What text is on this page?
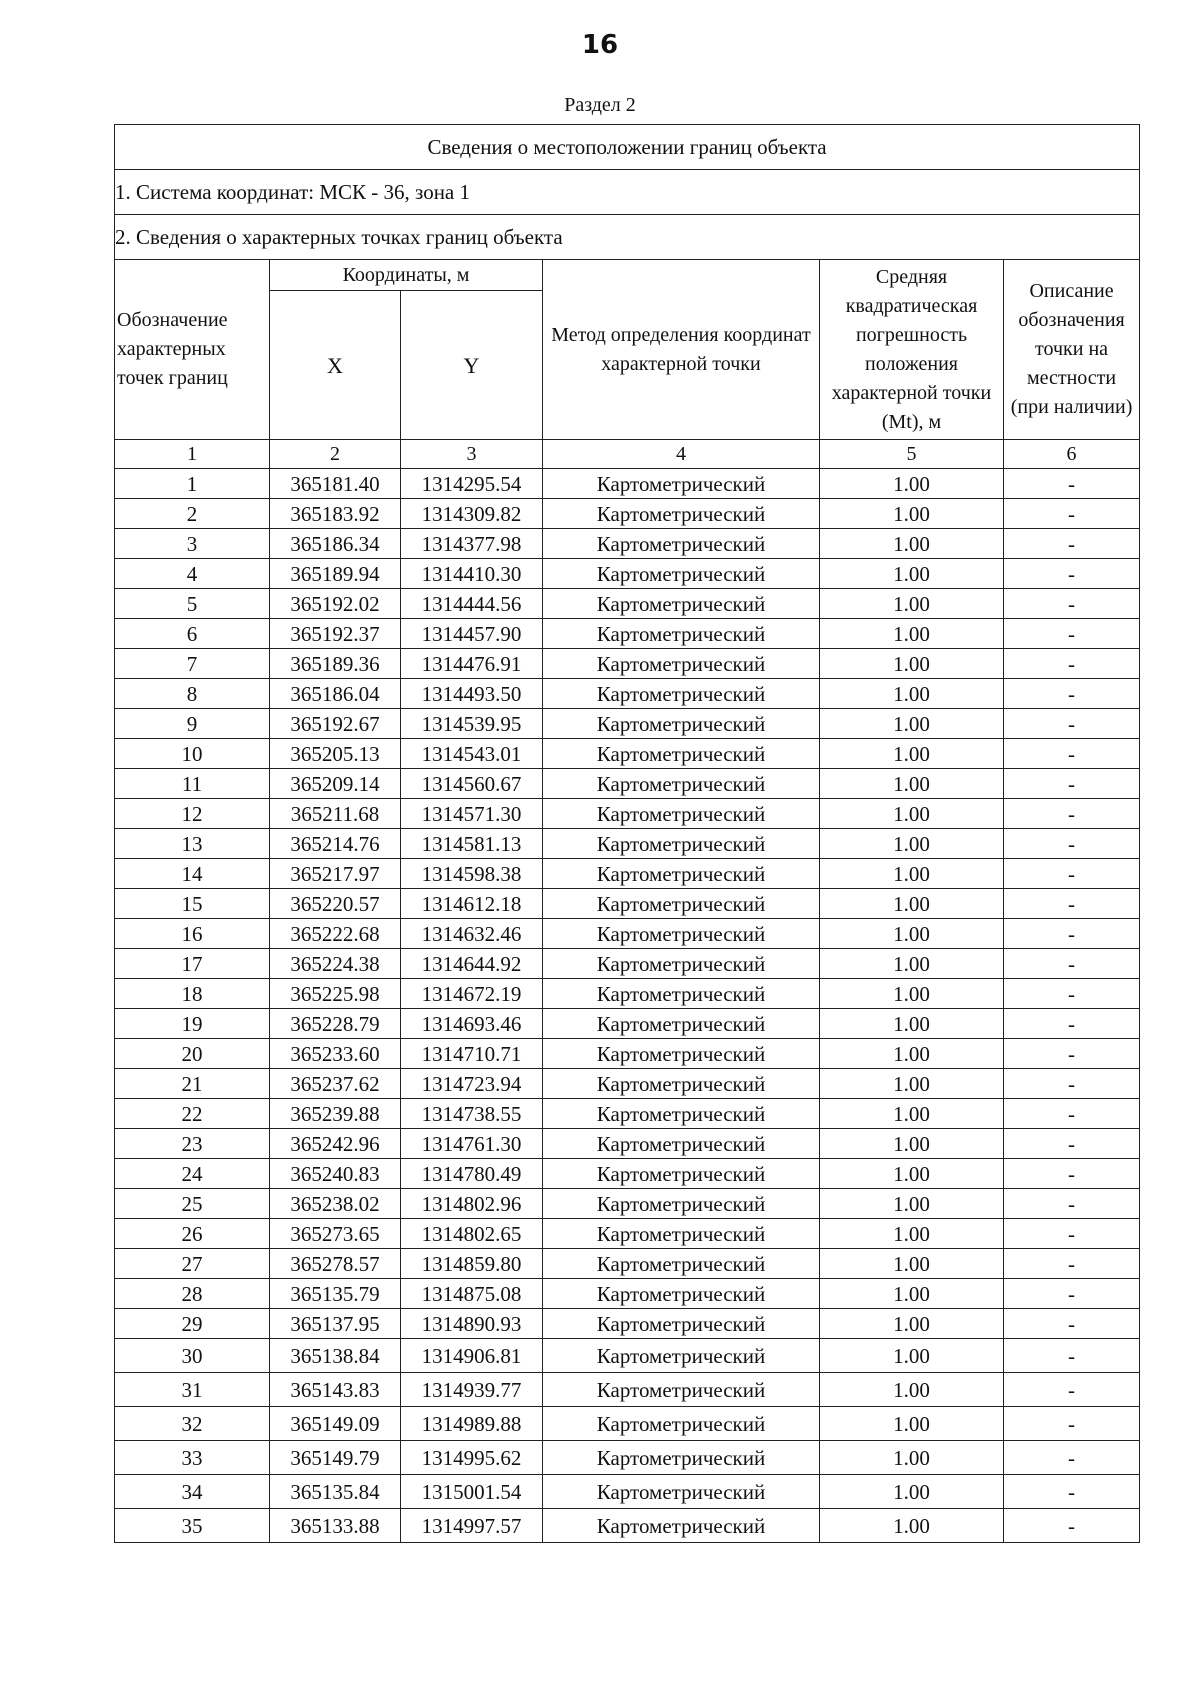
16
Раздел 2
Сведения о местоположении границ объекта					
1. Система координат: МСК - 36, зона 1					
2. Сведения о характерных точках границ объекта					
Обозначение характерных точек границ	Координаты, м		Метод определения координат характерной точки	Средняя квадратическая погрешность положения характерной точки (Mt), м	Описание обозначения точки на местности (при наличии)
	X	Y			
1	2	3	4	5	6
1	365181.40	1314295.54	Картометрический	1.00	-
2	365183.92	1314309.82	Картометрический	1.00	-
3	365186.34	1314377.98	Картометрический	1.00	-
4	365189.94	1314410.30	Картометрический	1.00	-
5	365192.02	1314444.56	Картометрический	1.00	-
6	365192.37	1314457.90	Картометрический	1.00	-
7	365189.36	1314476.91	Картометрический	1.00	-
8	365186.04	1314493.50	Картометрический	1.00	-
9	365192.67	1314539.95	Картометрический	1.00	-
10	365205.13	1314543.01	Картометрический	1.00	-
11	365209.14	1314560.67	Картометрический	1.00	-
12	365211.68	1314571.30	Картометрический	1.00	-
13	365214.76	1314581.13	Картометрический	1.00	-
14	365217.97	1314598.38	Картометрический	1.00	-
15	365220.57	1314612.18	Картометрический	1.00	-
16	365222.68	1314632.46	Картометрический	1.00	-
17	365224.38	1314644.92	Картометрический	1.00	-
18	365225.98	1314672.19	Картометрический	1.00	-
19	365228.79	1314693.46	Картометрический	1.00	-
20	365233.60	1314710.71	Картометрический	1.00	-
21	365237.62	1314723.94	Картометрический	1.00	-
22	365239.88	1314738.55	Картометрический	1.00	-
23	365242.96	1314761.30	Картометрический	1.00	-
24	365240.83	1314780.49	Картометрический	1.00	-
25	365238.02	1314802.96	Картометрический	1.00	-
26	365273.65	1314802.65	Картометрический	1.00	-
27	365278.57	1314859.80	Картометрический	1.00	-
28	365135.79	1314875.08	Картометрический	1.00	-
29	365137.95	1314890.93	Картометрический	1.00	-
30	365138.84	1314906.81	Картометрический	1.00	-
31	365143.83	1314939.77	Картометрический	1.00	-
32	365149.09	1314989.88	Картометрический	1.00	-
33	365149.79	1314995.62	Картометрический	1.00	-
34	365135.84	1315001.54	Картометрический	1.00	-
35	365133.88	1314997.57	Картометрический	1.00	-
